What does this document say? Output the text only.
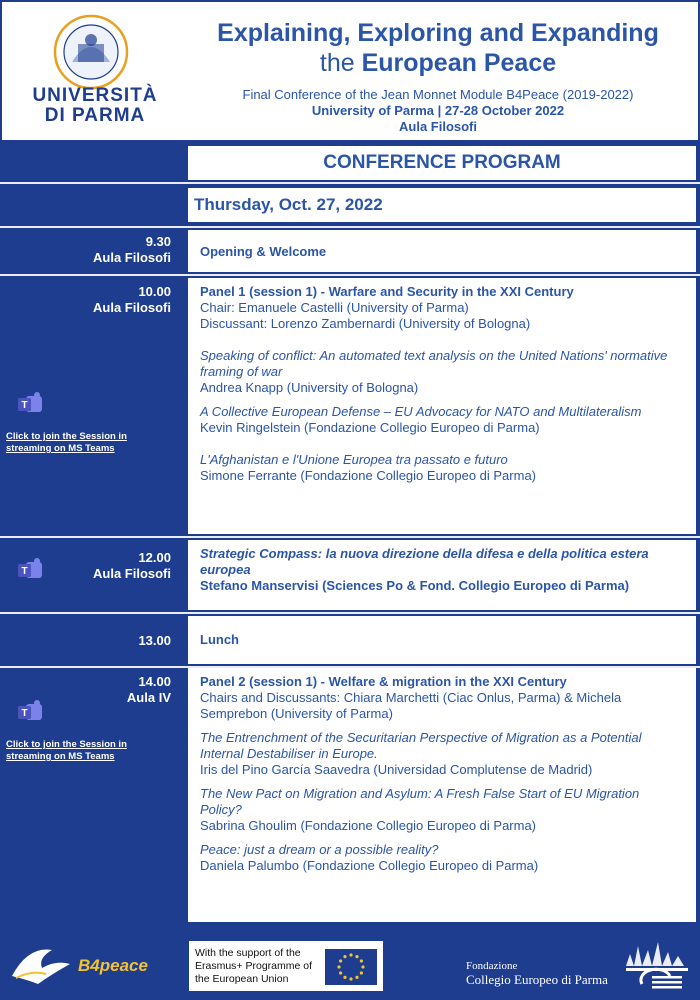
UNIVERSITÀ
DI PARMA
Explaining, Exploring and Expanding
the European Peace
Final Conference of the Jean Monnet Module B4Peace (2019-2022)
University of Parma | 27-28 October 2022
Aula Filosofi
CONFERENCE PROGRAM
Thursday, Oct. 27, 2022
9.30
Aula Filosofi	Opening & Welcome
10.00
Aula Filosofi
T
Click to join the Session in streaming on MS Teams
Panel 1 (session 1) - Warfare and Security in the XXI Century
Chair: Emanuele Castelli (University of Parma)
Discussant: Lorenzo Zambernardi (University of Bologna)
Speaking of conflict: An automated text analysis on the United Nations' normative framing of war
Andrea Knapp (University of Bologna)
A Collective European Defense – EU Advocacy for NATO and Multilateralism
Kevin Ringelstein (Fondazione Collegio Europeo di Parma)
L'Afghanistan e l'Unione Europea tra passato e futuro
Simone Ferrante (Fondazione Collegio Europeo di Parma)
12.00
Aula Filosofi
T
Strategic Compass: la nuova direzione della difesa e della politica estera europea
Stefano Manservisi (Sciences Po & Fond. Collegio Europeo di Parma)
13.00	Lunch
14.00
Aula IV
T
Click to join the Session in streaming on MS Teams
Panel 2 (session 1) - Welfare & migration in the XXI Century
Chairs and Discussants: Chiara Marchetti (Ciac Onlus, Parma) & Michela Semprebon (University of Parma)
The Entrenchment of the Securitarian Perspective of Migration as a Potential Internal Destabiliser in Europe.
Iris del Pino García Saavedra (Universidad Complutense de Madrid)
The New Pact on Migration and Asylum: A Fresh False Start of EU Migration Policy?
Sabrina Ghoulim (Fondazione Collegio Europeo di Parma)
Peace: just a dream or a possible reality?
Daniela Palumbo (Fondazione Collegio Europeo di Parma)
B4peace
With the support of the Erasmus+ Programme of the European Union
Fondazione
Collegio Europeo di Parma
